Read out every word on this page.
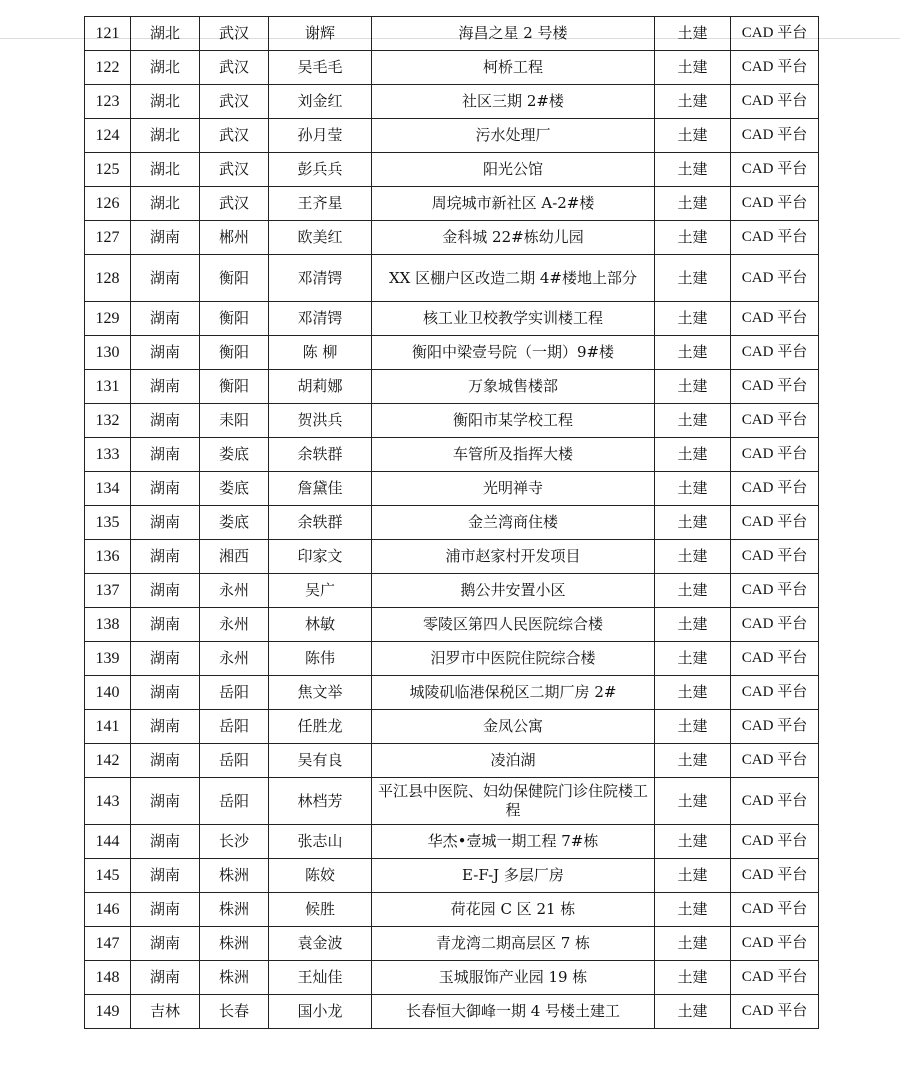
121	湖北	武汉	谢辉	海昌之星 2 号楼	土建	CAD 平台
122	湖北	武汉	吴毛毛	柯桥工程	土建	CAD 平台
123	湖北	武汉	刘金红	社区三期 2#楼	土建	CAD 平台
124	湖北	武汉	孙月莹	污水处理厂	土建	CAD 平台
125	湖北	武汉	彭兵兵	阳光公馆	土建	CAD 平台
126	湖北	武汉	王齐星	周垸城市新社区 A-2#楼	土建	CAD 平台
127	湖南	郴州	欧美红	金科城 22#栋幼儿园	土建	CAD 平台
128	湖南	衡阳	邓清锷	XX 区棚户区改造二期 4#楼地上部分	土建	CAD 平台
129	湖南	衡阳	邓清锷	核工业卫校教学实训楼工程	土建	CAD 平台
130	湖南	衡阳	陈 柳	衡阳中梁壹号院（一期）9#楼	土建	CAD 平台
131	湖南	衡阳	胡莉娜	万象城售楼部	土建	CAD 平台
132	湖南	耒阳	贺洪兵	衡阳市某学校工程	土建	CAD 平台
133	湖南	娄底	余轶群	车管所及指挥大楼	土建	CAD 平台
134	湖南	娄底	詹黛佳	光明禅寺	土建	CAD 平台
135	湖南	娄底	余轶群	金兰湾商住楼	土建	CAD 平台
136	湖南	湘西	印家文	浦市赵家村开发项目	土建	CAD 平台
137	湖南	永州	吴广	鹅公井安置小区	土建	CAD 平台
138	湖南	永州	林敏	零陵区第四人民医院综合楼	土建	CAD 平台
139	湖南	永州	陈伟	汨罗市中医院住院综合楼	土建	CAD 平台
140	湖南	岳阳	焦文举	城陵矶临港保税区二期厂房 2#	土建	CAD 平台
141	湖南	岳阳	任胜龙	金凤公寓	土建	CAD 平台
142	湖南	岳阳	吴有良	凌泊湖	土建	CAD 平台
143	湖南	岳阳	林档芳	平江县中医院、妇幼保健院门诊住院楼工程	土建	CAD 平台
144	湖南	长沙	张志山	华杰•壹城一期工程 7#栋	土建	CAD 平台
145	湖南	株洲	陈姣	E-F-J 多层厂房	土建	CAD 平台
146	湖南	株洲	候胜	荷花园 C 区 21 栋	土建	CAD 平台
147	湖南	株洲	袁金波	青龙湾二期高层区 7 栋	土建	CAD 平台
148	湖南	株洲	王灿佳	玉城服饰产业园 19 栋	土建	CAD 平台
149	吉林	长春	国小龙	长春恒大御峰一期 4 号楼土建工	土建	CAD 平台
